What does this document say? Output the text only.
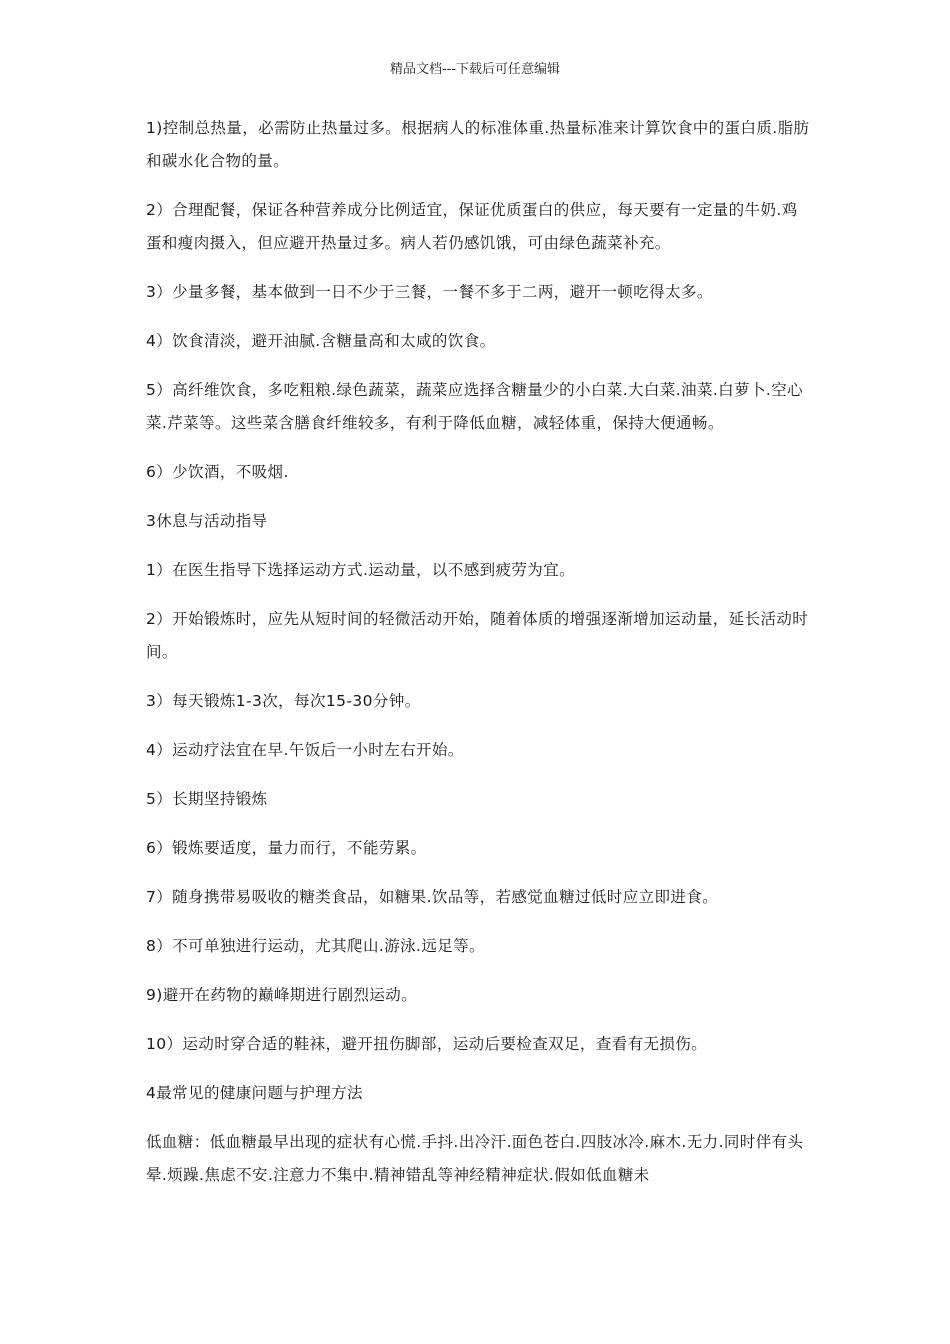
精品文档---下载后可任意编辑

1)控制总热量，必需防止热量过多。根据病人的标准体重.热量标准来计算饮食中的蛋白质.脂肪和碳水化合物的量。

2）合理配餐，保证各种营养成分比例适宜，保证优质蛋白的供应，每天要有一定量的牛奶.鸡蛋和瘦肉摄入，但应避开热量过多。病人若仍感饥饿，可由绿色蔬菜补充。

3）少量多餐，基本做到一日不少于三餐，一餐不多于二两，避开一顿吃得太多。

4）饮食清淡，避开油腻.含糖量高和太咸的饮食。

5）高纤维饮食，多吃粗粮.绿色蔬菜，蔬菜应选择含糖量少的小白菜.大白菜.油菜.白萝卜.空心菜.芹菜等。这些菜含膳食纤维较多，有利于降低血糖，减轻体重，保持大便通畅。

6）少饮酒，不吸烟.

3休息与活动指导

1）在医生指导下选择运动方式.运动量，以不感到疲劳为宜。

2）开始锻炼时，应先从短时间的轻微活动开始，随着体质的增强逐渐增加运动量，延长活动时间。

3）每天锻炼1-3次，每次15-30分钟。

4）运动疗法宜在早.午饭后一小时左右开始。

5）长期坚持锻炼

6）锻炼要适度，量力而行，不能劳累。

7）随身携带易吸收的糖类食品，如糖果.饮品等，若感觉血糖过低时应立即进食。

8）不可单独进行运动，尤其爬山.游泳.远足等。

9)避开在药物的巅峰期进行剧烈运动。

10）运动时穿合适的鞋袜，避开扭伤脚部，运动后要检查双足，查看有无损伤。

4最常见的健康问题与护理方法

低血糖：低血糖最早出现的症状有心慌.手抖.出冷汗.面色苍白.四肢冰冷.麻木.无力.同时伴有头晕.烦躁.焦虑不安.注意力不集中.精神错乱等神经精神症状.假如低血糖未
